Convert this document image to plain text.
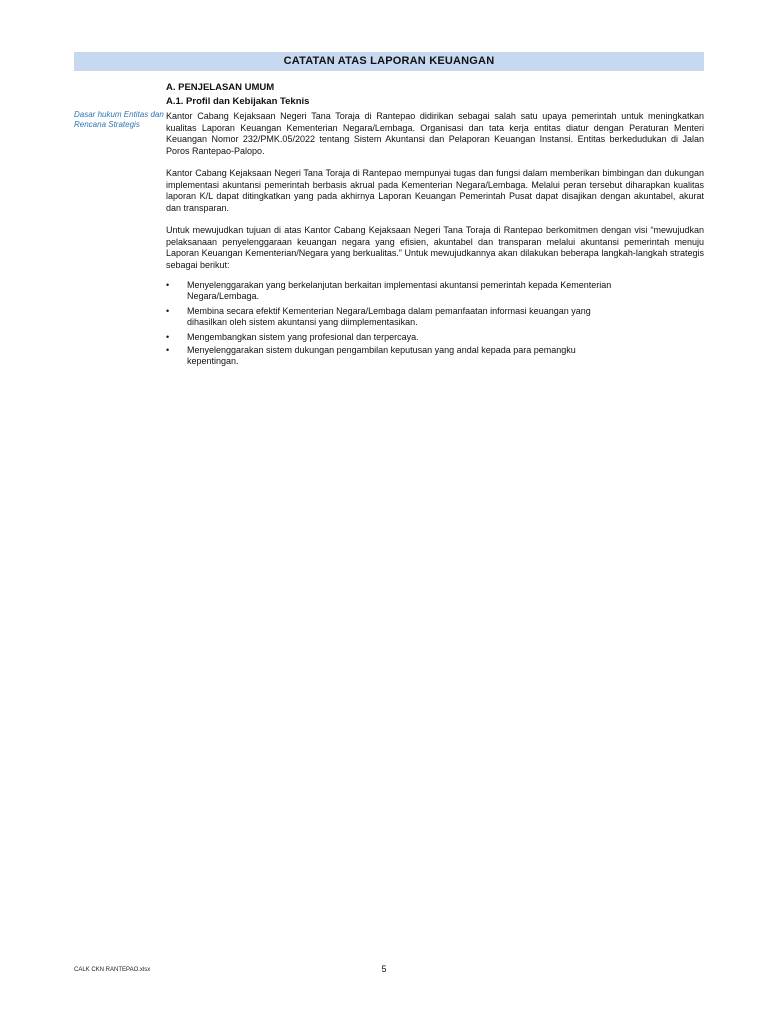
CATATAN ATAS LAPORAN KEUANGAN
Dasar hukum Entitas dan Rencana Strategis
A. PENJELASAN UMUM
A.1. Profil dan Kebijakan Teknis

Kantor Cabang Kejaksaan Negeri Tana Toraja di Rantepao didirikan sebagai salah satu upaya pemerintah untuk meningkatkan kualitas Laporan Keuangan Kementerian Negara/Lembaga. Organisasi dan tata kerja entitas diatur dengan Peraturan Menteri Keuangan Nomor 232/PMK.05/2022 tentang Sistem Akuntansi dan Pelaporan Keuangan Instansi. Entitas berkedudukan di Jalan Poros Rantepao-Palopo.

Kantor Cabang Kejaksaan Negeri Tana Toraja di Rantepao mempunyai tugas dan fungsi dalam memberikan bimbingan dan dukungan implementasi akuntansi pemerintah berbasis akrual pada Kementerian Negara/Lembaga. Melalui peran tersebut diharapkan kualitas laporan K/L dapat ditingkatkan yang pada akhirnya Laporan Keuangan Pemerintah Pusat dapat disajikan dengan akuntabel, akurat dan transparan.

Untuk mewujudkan tujuan di atas Kantor Cabang Kejaksaan Negeri Tana Toraja di Rantepao berkomitmen dengan visi “mewujudkan pelaksanaan penyelenggaraan keuangan negara yang efisien, akuntabel dan transparan melalui akuntansi pemerintah menuju Laporan Keuangan Kementerian/Negara yang berkualitas.” Untuk mewujudkannya akan dilakukan beberapa langkah-langkah strategis sebagai berikut:

• Menyelenggarakan yang berkelanjutan berkaitan implementasi akuntansi pemerintah kepada Kementerian Negara/Lembaga.
• Membina secara efektif Kementerian Negara/Lembaga dalam pemanfaatan informasi keuangan yang dihasilkan oleh sistem akuntansi yang diimplementasikan.
• Mengembangkan sistem yang profesional dan terpercaya.
• Menyelenggarakan sistem dukungan pengambilan keputusan yang andal kepada para pemangku kepentingan.
CALK CKN RANTEPAO.xlsx	5
